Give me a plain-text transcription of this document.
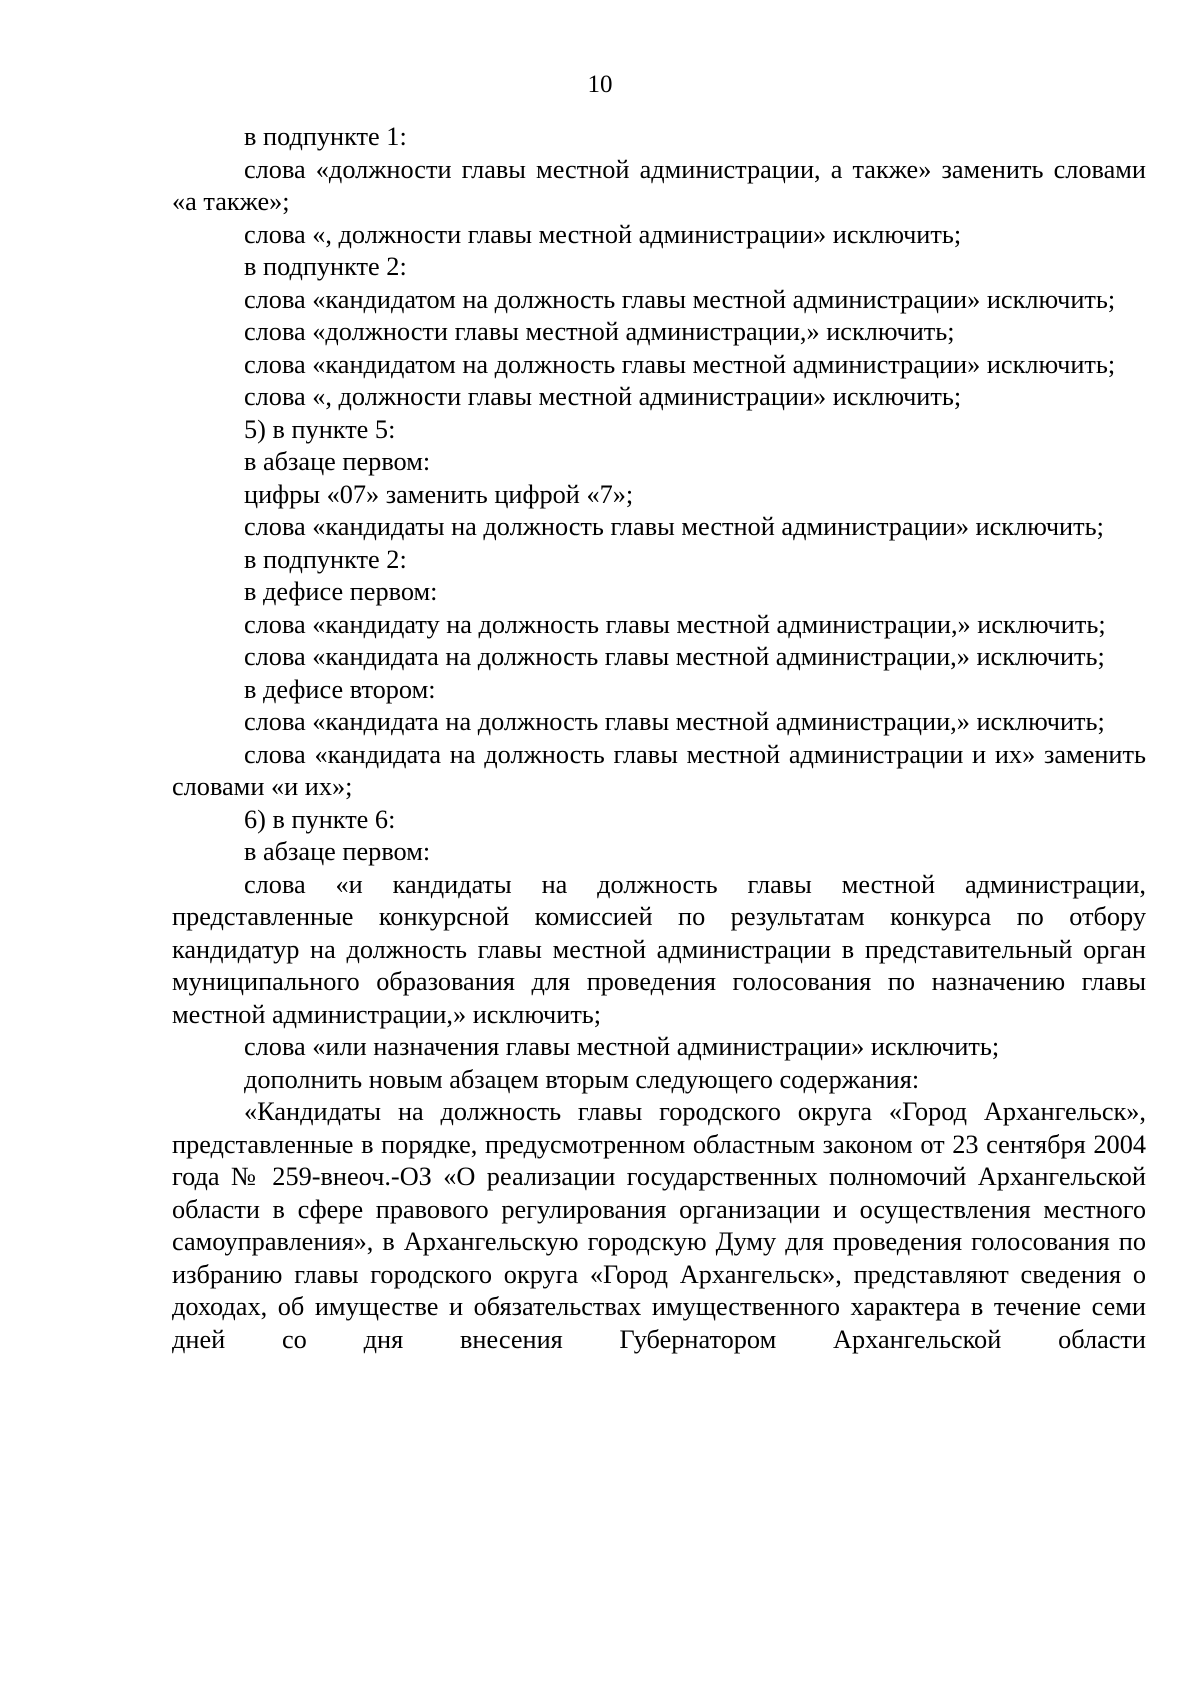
10

в подпункте 1:

слова «должности главы местной администрации, а также» заменить словами «а также»;

слова «, должности главы местной администрации» исключить;

в подпункте 2:

слова «кандидатом на должность главы местной администрации» исключить;

слова «должности главы местной администрации,» исключить;

слова «кандидатом на должность главы местной администрации» исключить;

слова «, должности главы местной администрации» исключить;

5) в пункте 5:

в абзаце первом:

цифры «07» заменить цифрой «7»;

слова «кандидаты на должность главы местной администрации» исключить;

в подпункте 2:

в дефисе первом:

слова «кандидату на должность главы местной администрации,» исключить;

слова «кандидата на должность главы местной администрации,» исключить;

в дефисе втором:

слова «кандидата на должность главы местной администрации,» исключить;

слова «кандидата на должность главы местной администрации и их» заменить словами «и их»;

6) в пункте 6:

в абзаце первом:

слова «и кандидаты на должность главы местной администрации, представленные конкурсной комиссией по результатам конкурса по отбору кандидатур на должность главы местной администрации в представительный орган муниципального образования для проведения голосования по назначению главы местной администрации,» исключить;

слова «или назначения главы местной администрации» исключить;

дополнить новым абзацем вторым следующего содержания:

«Кандидаты на должность главы городского округа «Город Архангельск», представленные в порядке, предусмотренном областным законом от 23 сентября 2004 года № 259-внеоч.-ОЗ «О реализации государственных полномочий Архангельской области в сфере правового регулирования организации и осуществления местного самоуправления», в Архангельскую городскую Думу для проведения голосования по избранию главы городского округа «Город Архангельск», представляют сведения о доходах, об имуществе и обязательствах имущественного характера в течение семи дней со дня внесения Губернатором Архангельской области
